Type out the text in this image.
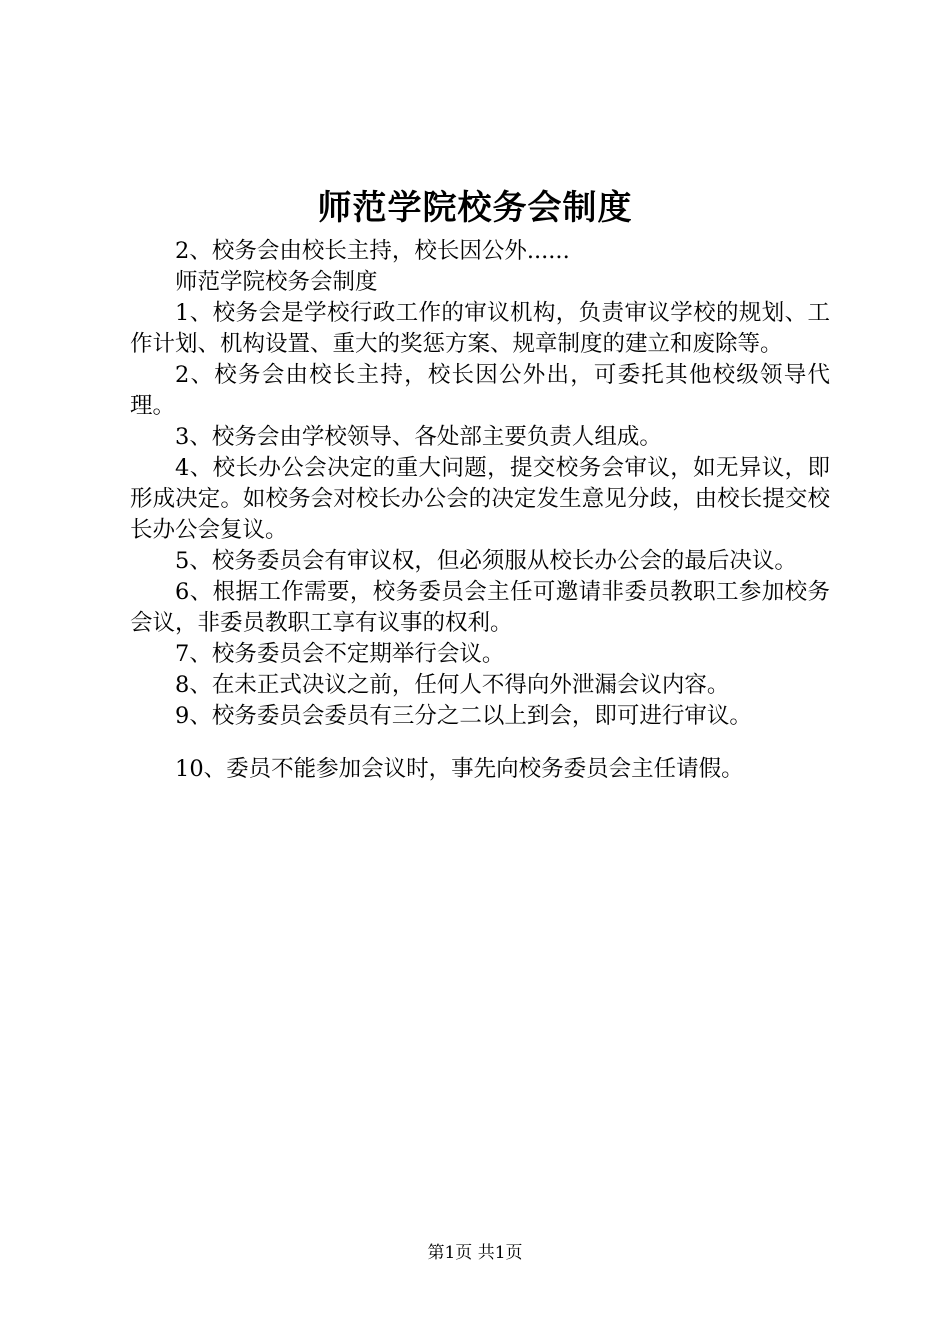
师范学院校务会制度

2、校务会由校长主持，校长因公外......

师范学院校务会制度

1、校务会是学校行政工作的审议机构，负责审议学校的规划、工作计划、机构设置、重大的奖惩方案、规章制度的建立和废除等。

2、校务会由校长主持，校长因公外出，可委托其他校级领导代理。

3、校务会由学校领导、各处部主要负责人组成。

4、校长办公会决定的重大问题，提交校务会审议，如无异议，即形成决定。如校务会对校长办公会的决定发生意见分歧，由校长提交校长办公会复议。

5、校务委员会有审议权，但必须服从校长办公会的最后决议。

6、根据工作需要，校务委员会主任可邀请非委员教职工参加校务会议，非委员教职工享有议事的权利。

7、校务委员会不定期举行会议。

8、在未正式决议之前，任何人不得向外泄漏会议内容。

9、校务委员会委员有三分之二以上到会，即可进行审议。

10、委员不能参加会议时，事先向校务委员会主任请假。

第1页 共1页
